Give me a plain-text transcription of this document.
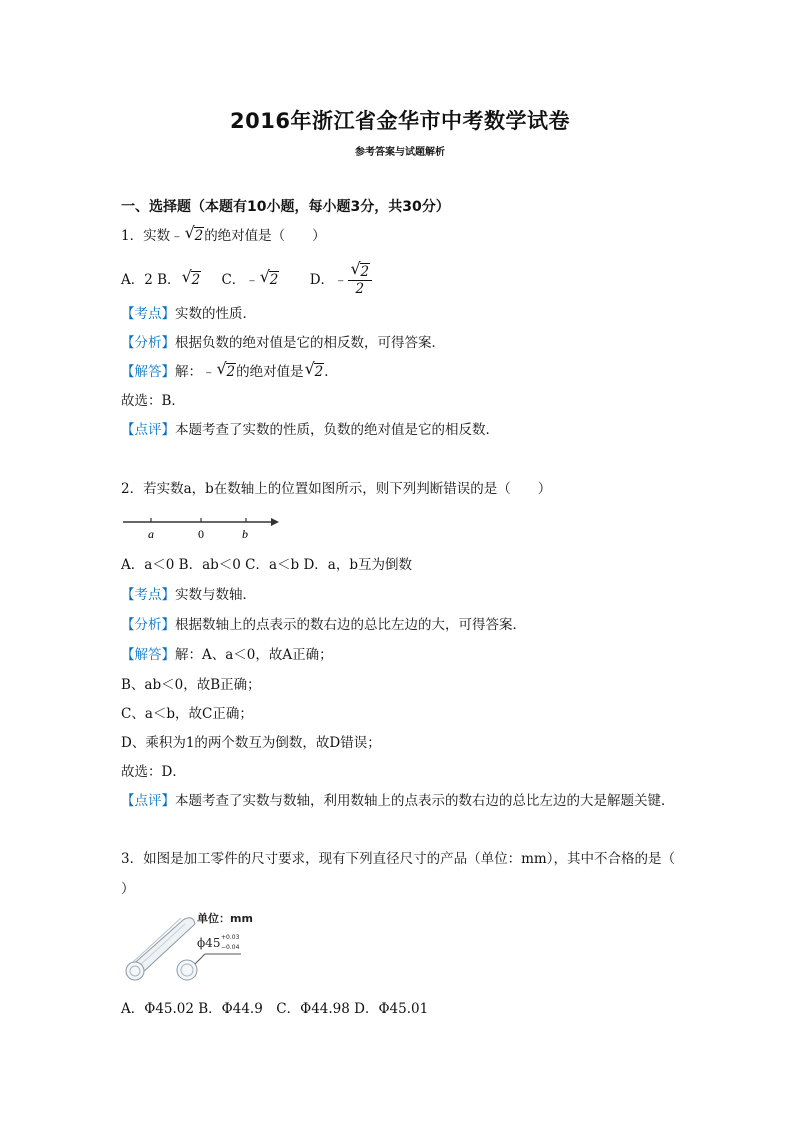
2016年浙江省金华市中考数学试卷
参考答案与试题解析
一、选择题（本题有10小题，每小题3分，共30分）
1．实数﹣ √ 2的绝对值是（　　）
A．2 B． √ 2 C．﹣ √ 2 D．﹣ $\frac{√ 2}{2}$
【考点】实数的性质．
【分析】根据负数的绝对值是它的相反数，可得答案．
【解答】解：﹣ √ 2的绝对值是 √ 2．
故选：B．
【点评】本题考查了实数的性质，负数的绝对值是它的相反数．
2．若实数a，b在数轴上的位置如图所示，则下列判断错误的是（　　）
a	0	b
A．a＜0 B．ab＜0 C．a＜b D．a，b互为倒数
【考点】实数与数轴．
【分析】根据数轴上的点表示的数右边的总比左边的大，可得答案．
【解答】解：A、a＜0，故A正确；
B、ab＜0，故B正确；
C、a＜b，故C正确；
D、乘积为1的两个数互为倒数，故D错误；
故选：D．
【点评】本题考查了实数与数轴，利用数轴上的点表示的数右边的总比左边的大是解题关键．
3．如图是加工零件的尺寸要求，现有下列直径尺寸的产品（单位：mm），其中不合格的是（
）
单位：mm
ϕ45 +0.03
−0.04
A．Φ45.02 B．Φ44.9　C．Φ44.98 D．Φ45.01
